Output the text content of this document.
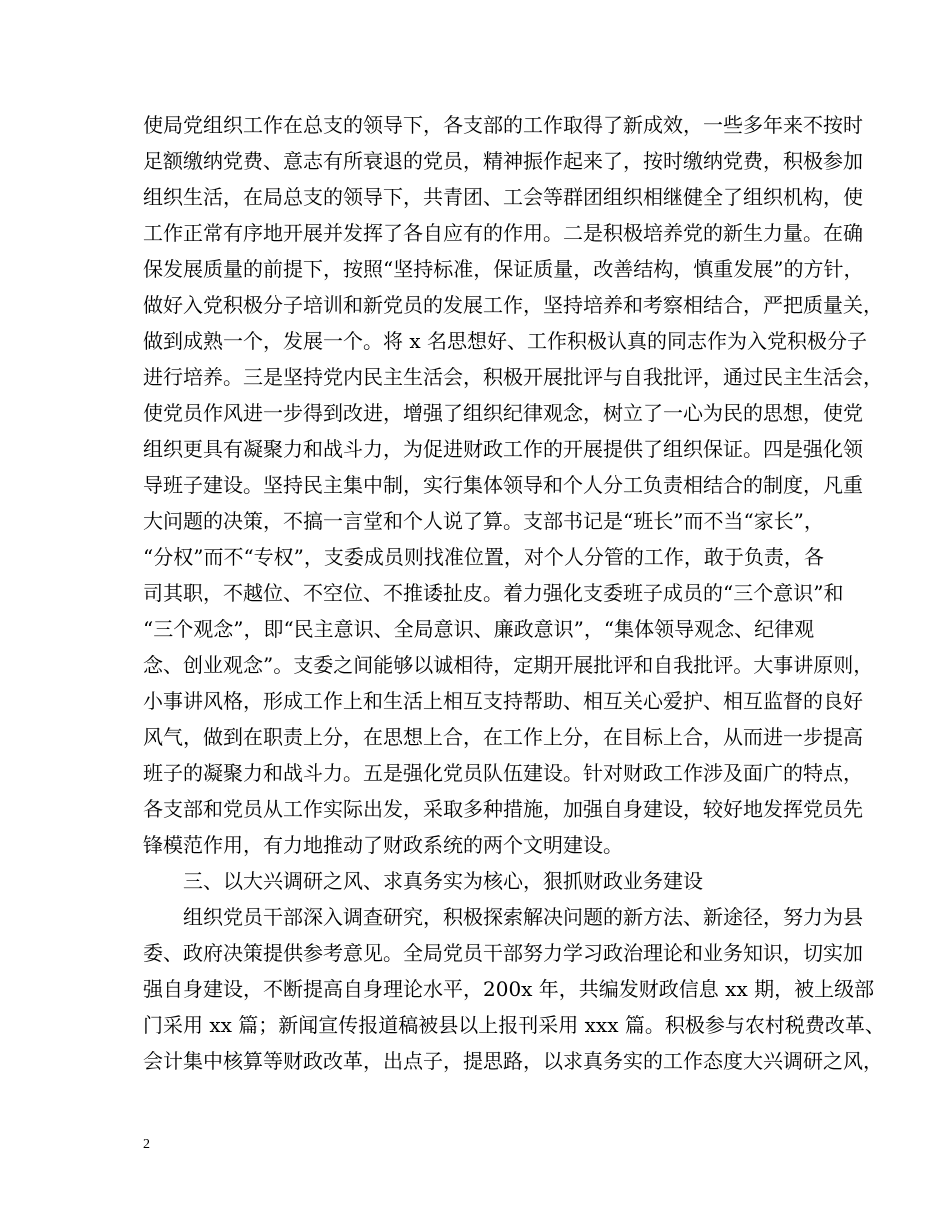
使局党组织工作在总支的领导下，各支部的工作取得了新成效，一些多年来不按时
足额缴纳党费、意志有所衰退的党员，精神振作起来了，按时缴纳党费，积极参加
组织生活，在局总支的领导下，共青团、工会等群团组织相继健全了组织机构，使
工作正常有序地开展并发挥了各自应有的作用。二是积极培养党的新生力量。在确
保发展质量的前提下，按照“坚持标准，保证质量，改善结构，慎重发展”的方针，
做好入党积极分子培训和新党员的发展工作，坚持培养和考察相结合，严把质量关，
做到成熟一个，发展一个。将 x 名思想好、工作积极认真的同志作为入党积极分子
进行培养。三是坚持党内民主生活会，积极开展批评与自我批评，通过民主生活会，
使党员作风进一步得到改进，增强了组织纪律观念，树立了一心为民的思想，使党
组织更具有凝聚力和战斗力，为促进财政工作的开展提供了组织保证。四是强化领
导班子建设。坚持民主集中制，实行集体领导和个人分工负责相结合的制度，凡重
大问题的决策，不搞一言堂和个人说了算。支部书记是“班长”而不当“家长”，
“分权”而不“专权”，支委成员则找准位置，对个人分管的工作，敢于负责，各
司其职，不越位、不空位、不推诿扯皮。着力强化支委班子成员的“三个意识”和
“三个观念”，即“民主意识、全局意识、廉政意识”，“集体领导观念、纪律观
念、创业观念”。支委之间能够以诚相待，定期开展批评和自我批评。大事讲原则，
小事讲风格，形成工作上和生活上相互支持帮助、相互关心爱护、相互监督的良好
风气，做到在职责上分，在思想上合，在工作上分，在目标上合，从而进一步提高
班子的凝聚力和战斗力。五是强化党员队伍建设。针对财政工作涉及面广的特点，
各支部和党员从工作实际出发，采取多种措施，加强自身建设，较好地发挥党员先
锋模范作用，有力地推动了财政系统的两个文明建设。
　　三、以大兴调研之风、求真务实为核心，狠抓财政业务建设
　　组织党员干部深入调查研究，积极探索解决问题的新方法、新途径，努力为县
委、政府决策提供参考意见。全局党员干部努力学习政治理论和业务知识，切实加
强自身建设，不断提高自身理论水平，200x 年，共编发财政信息 xx 期，被上级部
门采用 xx 篇；新闻宣传报道稿被县以上报刊采用 xxx 篇。积极参与农村税费改革、
会计集中核算等财政改革，出点子，提思路，以求真务实的工作态度大兴调研之风，
2
